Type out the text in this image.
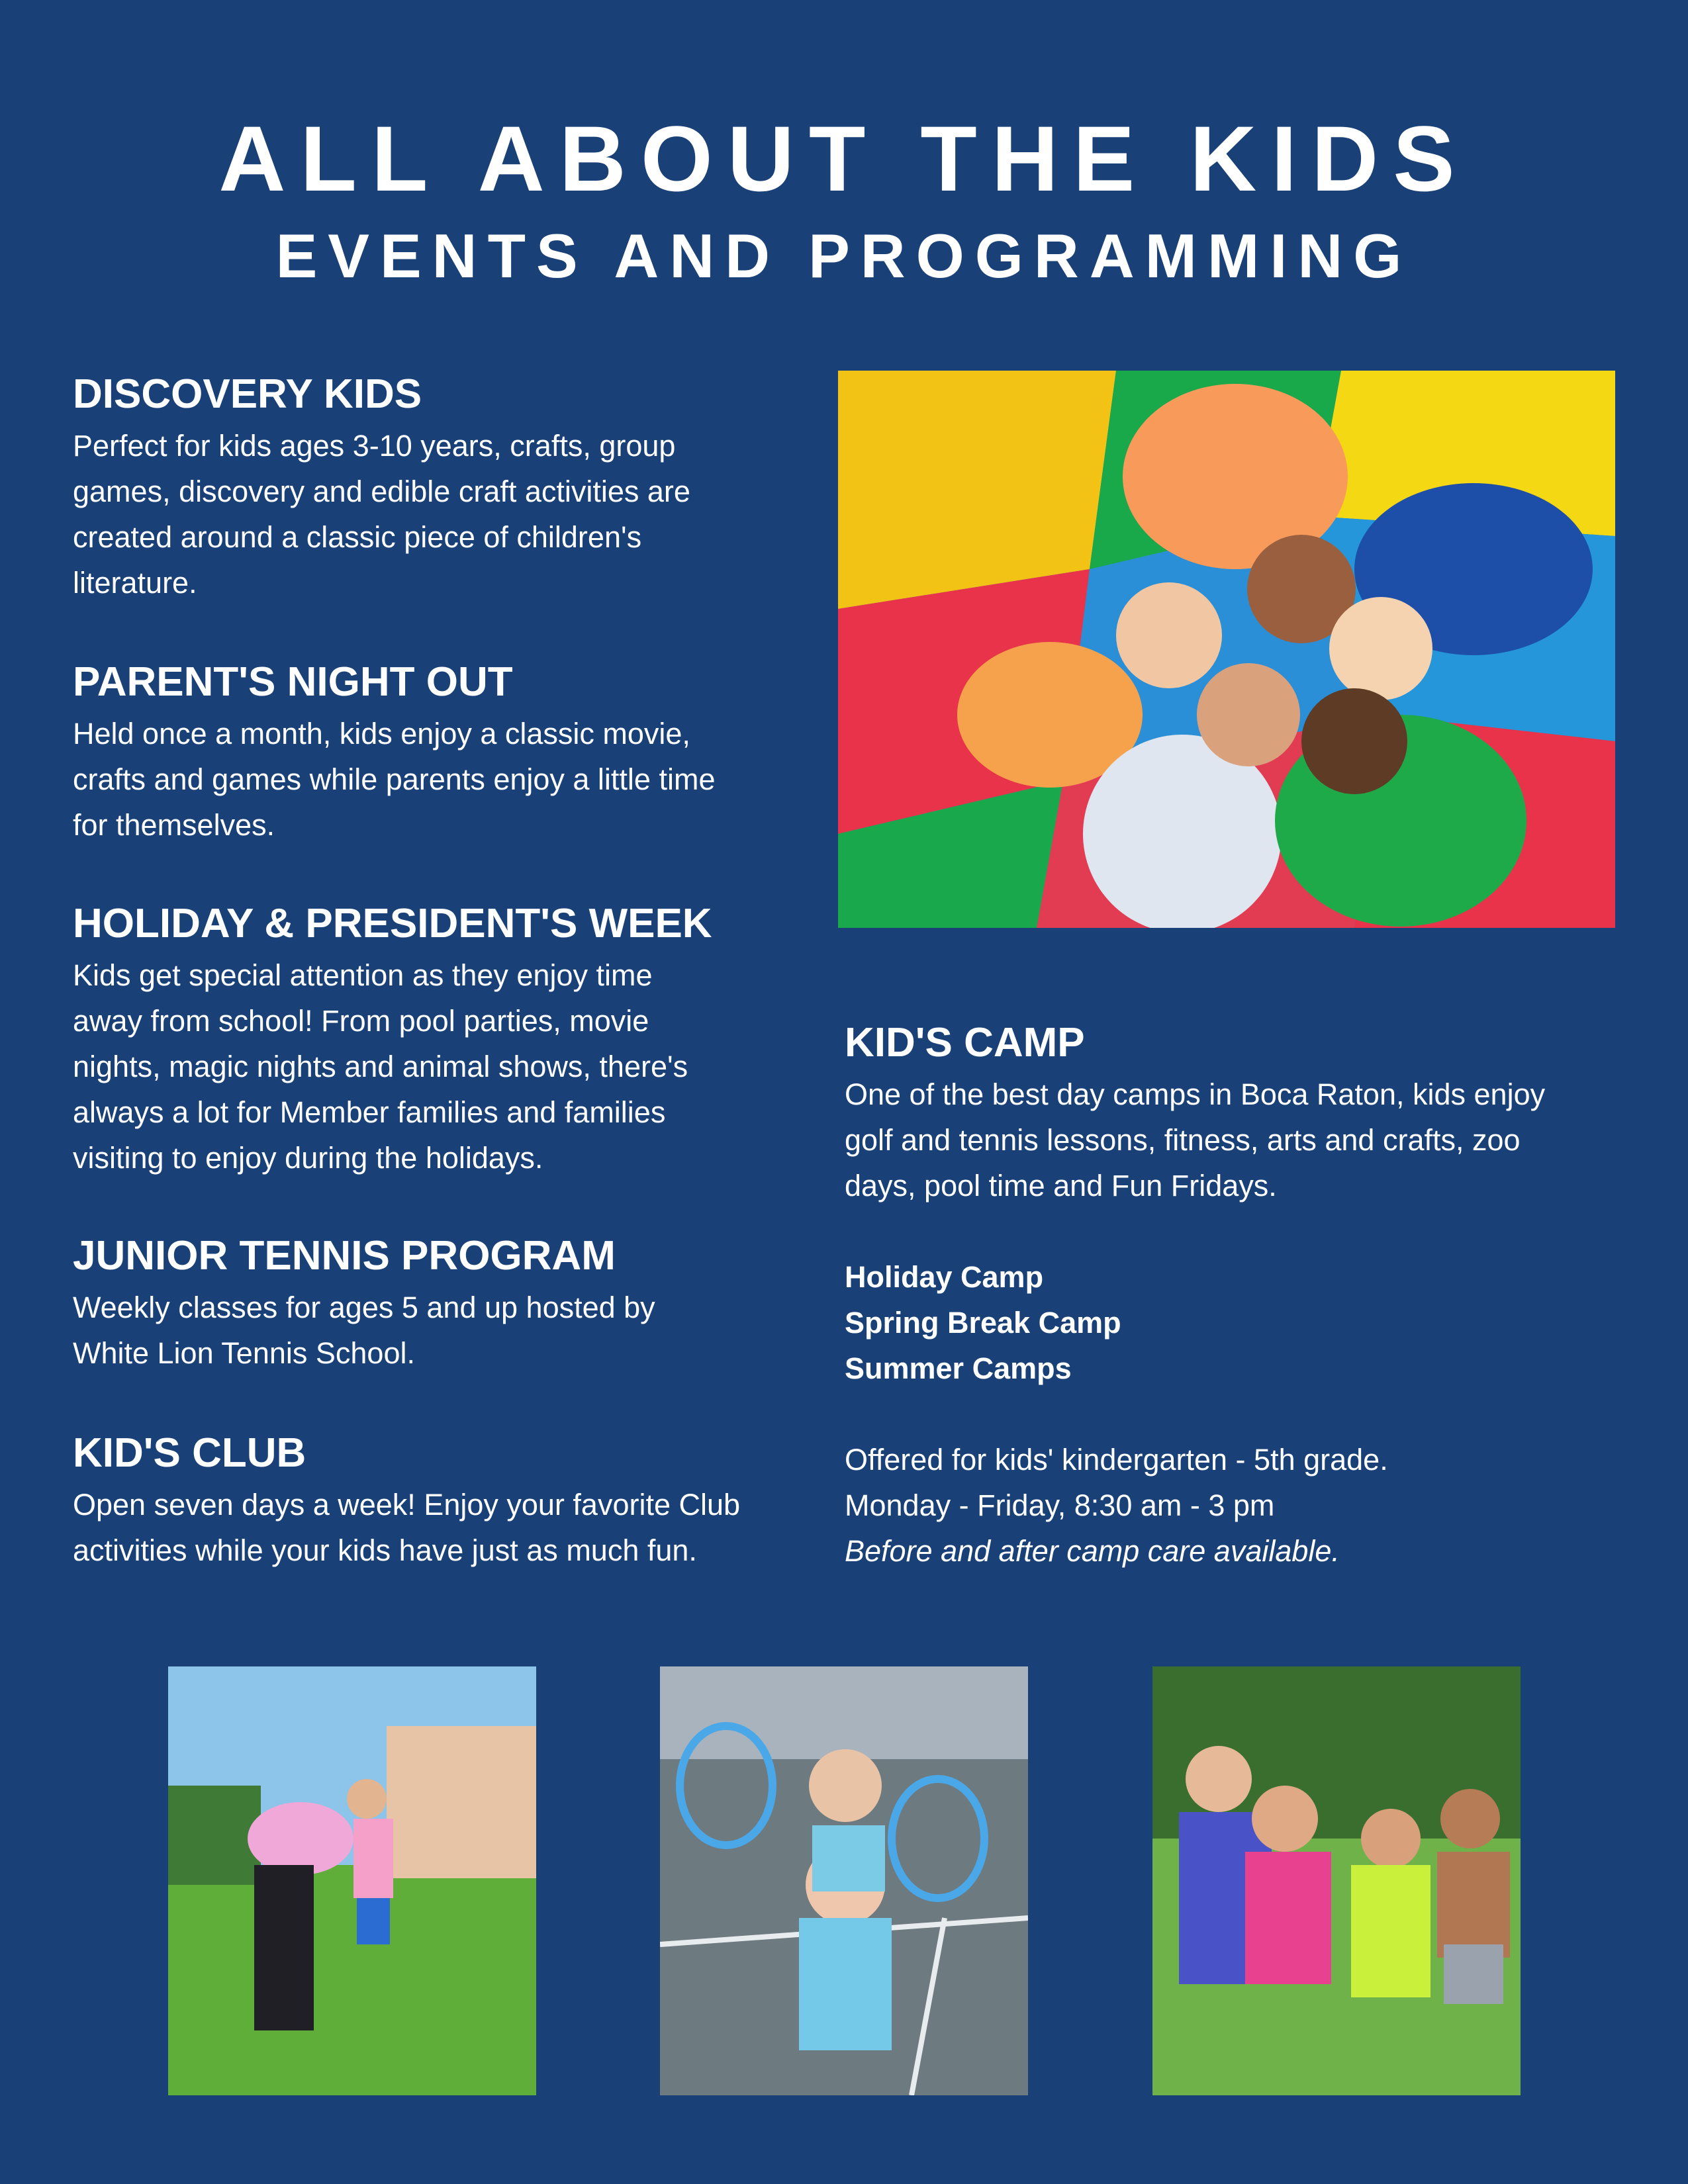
ALL ABOUT THE KIDS
EVENTS AND PROGRAMMING
DISCOVERY KIDS

Perfect for kids ages 3-10 years, crafts, group

games, discovery and edible craft activities are

created around a classic piece of children's

literature.

PARENT'S NIGHT OUT

Held once a month, kids enjoy a classic movie,

crafts and games while parents enjoy a little time

for themselves.

HOLIDAY & PRESIDENT'S WEEK

Kids get special attention as they enjoy time

away from school! From pool parties, movie

nights, magic nights and animal shows, there's

always a lot for Member families and families

visiting to enjoy during the holidays.

JUNIOR TENNIS PROGRAM

Weekly classes for ages 5 and up hosted by

White Lion Tennis School.

KID'S CLUB

Open seven days a week! Enjoy your favorite Club

activities while your kids have just as much fun.

KID'S CAMP

One of the best day camps in Boca Raton, kids enjoy

golf and tennis lessons, fitness, arts and crafts, zoo

days, pool time and Fun Fridays.

Holiday Camp

Spring Break Camp

Summer Camps

Offered for kids' kindergarten - 5th grade.

Monday - Friday, 8:30 am - 3 pm

Before and after camp care available.
